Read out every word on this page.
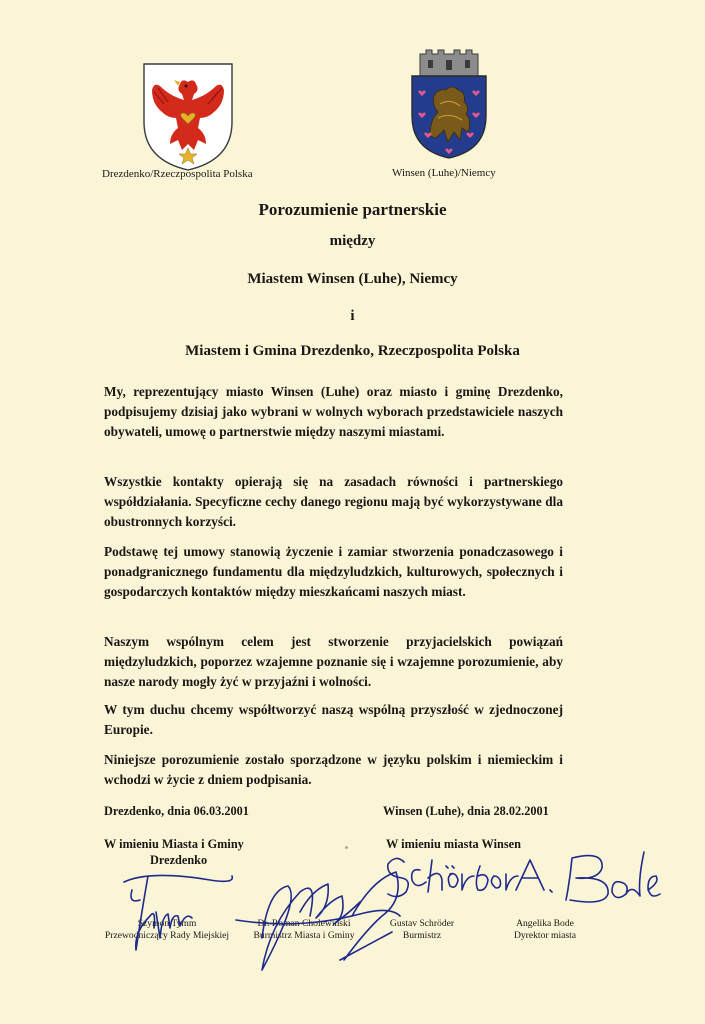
Drezdenko/Rzeczpospolita Polska	Winsen (Luhe)/Niemcy
Porozumienie partnerskie
między
Miastem Winsen (Luhe), Niemcy
i
Miastem i Gmina Drezdenko, Rzeczpospolita Polska
My, reprezentujący miasto Winsen (Luhe) oraz miasto i gminę Drezdenko, podpisujemy dzisiaj jako wybrani w wolnych wyborach przedstawiciele naszych obywateli, umowę o partnerstwie między naszymi miastami.
Wszystkie kontakty opierają się na zasadach równości i partnerskiego współdziałania. Specyficzne cechy danego regionu mają być wykorzystywane dla obustronnych korzyści.
Podstawę tej umowy stanowią życzenie i zamiar stworzenia ponadczasowego i ponadgranicznego fundamentu dla międzyludzkich, kulturowych, społecznych i gospodarczych kontaktów między mieszkańcami naszych miast.
Naszym wspólnym celem jest stworzenie przyjacielskich powiązań międzyludzkich, poporzez wzajemne poznanie się i wzajemne porozumienie, aby nasze narody mogły żyć w przyjaźni i wolności.
W tym duchu chcemy współtworzyć naszą wspólną przyszłość w zjednoczonej Europie.
Niniejsze porozumienie zostało sporządzone w języku polskim i niemieckim i wchodzi w życie z dniem podpisania.
Drezdenko, dnia 06.03.2001	Winsen (Luhe), dnia 28.02.2001
W imieniu Miasta i Gminy
Drezdenko
W imieniu miasta Winsen
Szymon Tymm
Przewodniczący Rady Miejskiej
Dr. Roman Cholewiński
Burmistrz Miasta i Gminy
Gustav Schröder
Burmistrz
Angelika Bode
Dyrektor miasta
